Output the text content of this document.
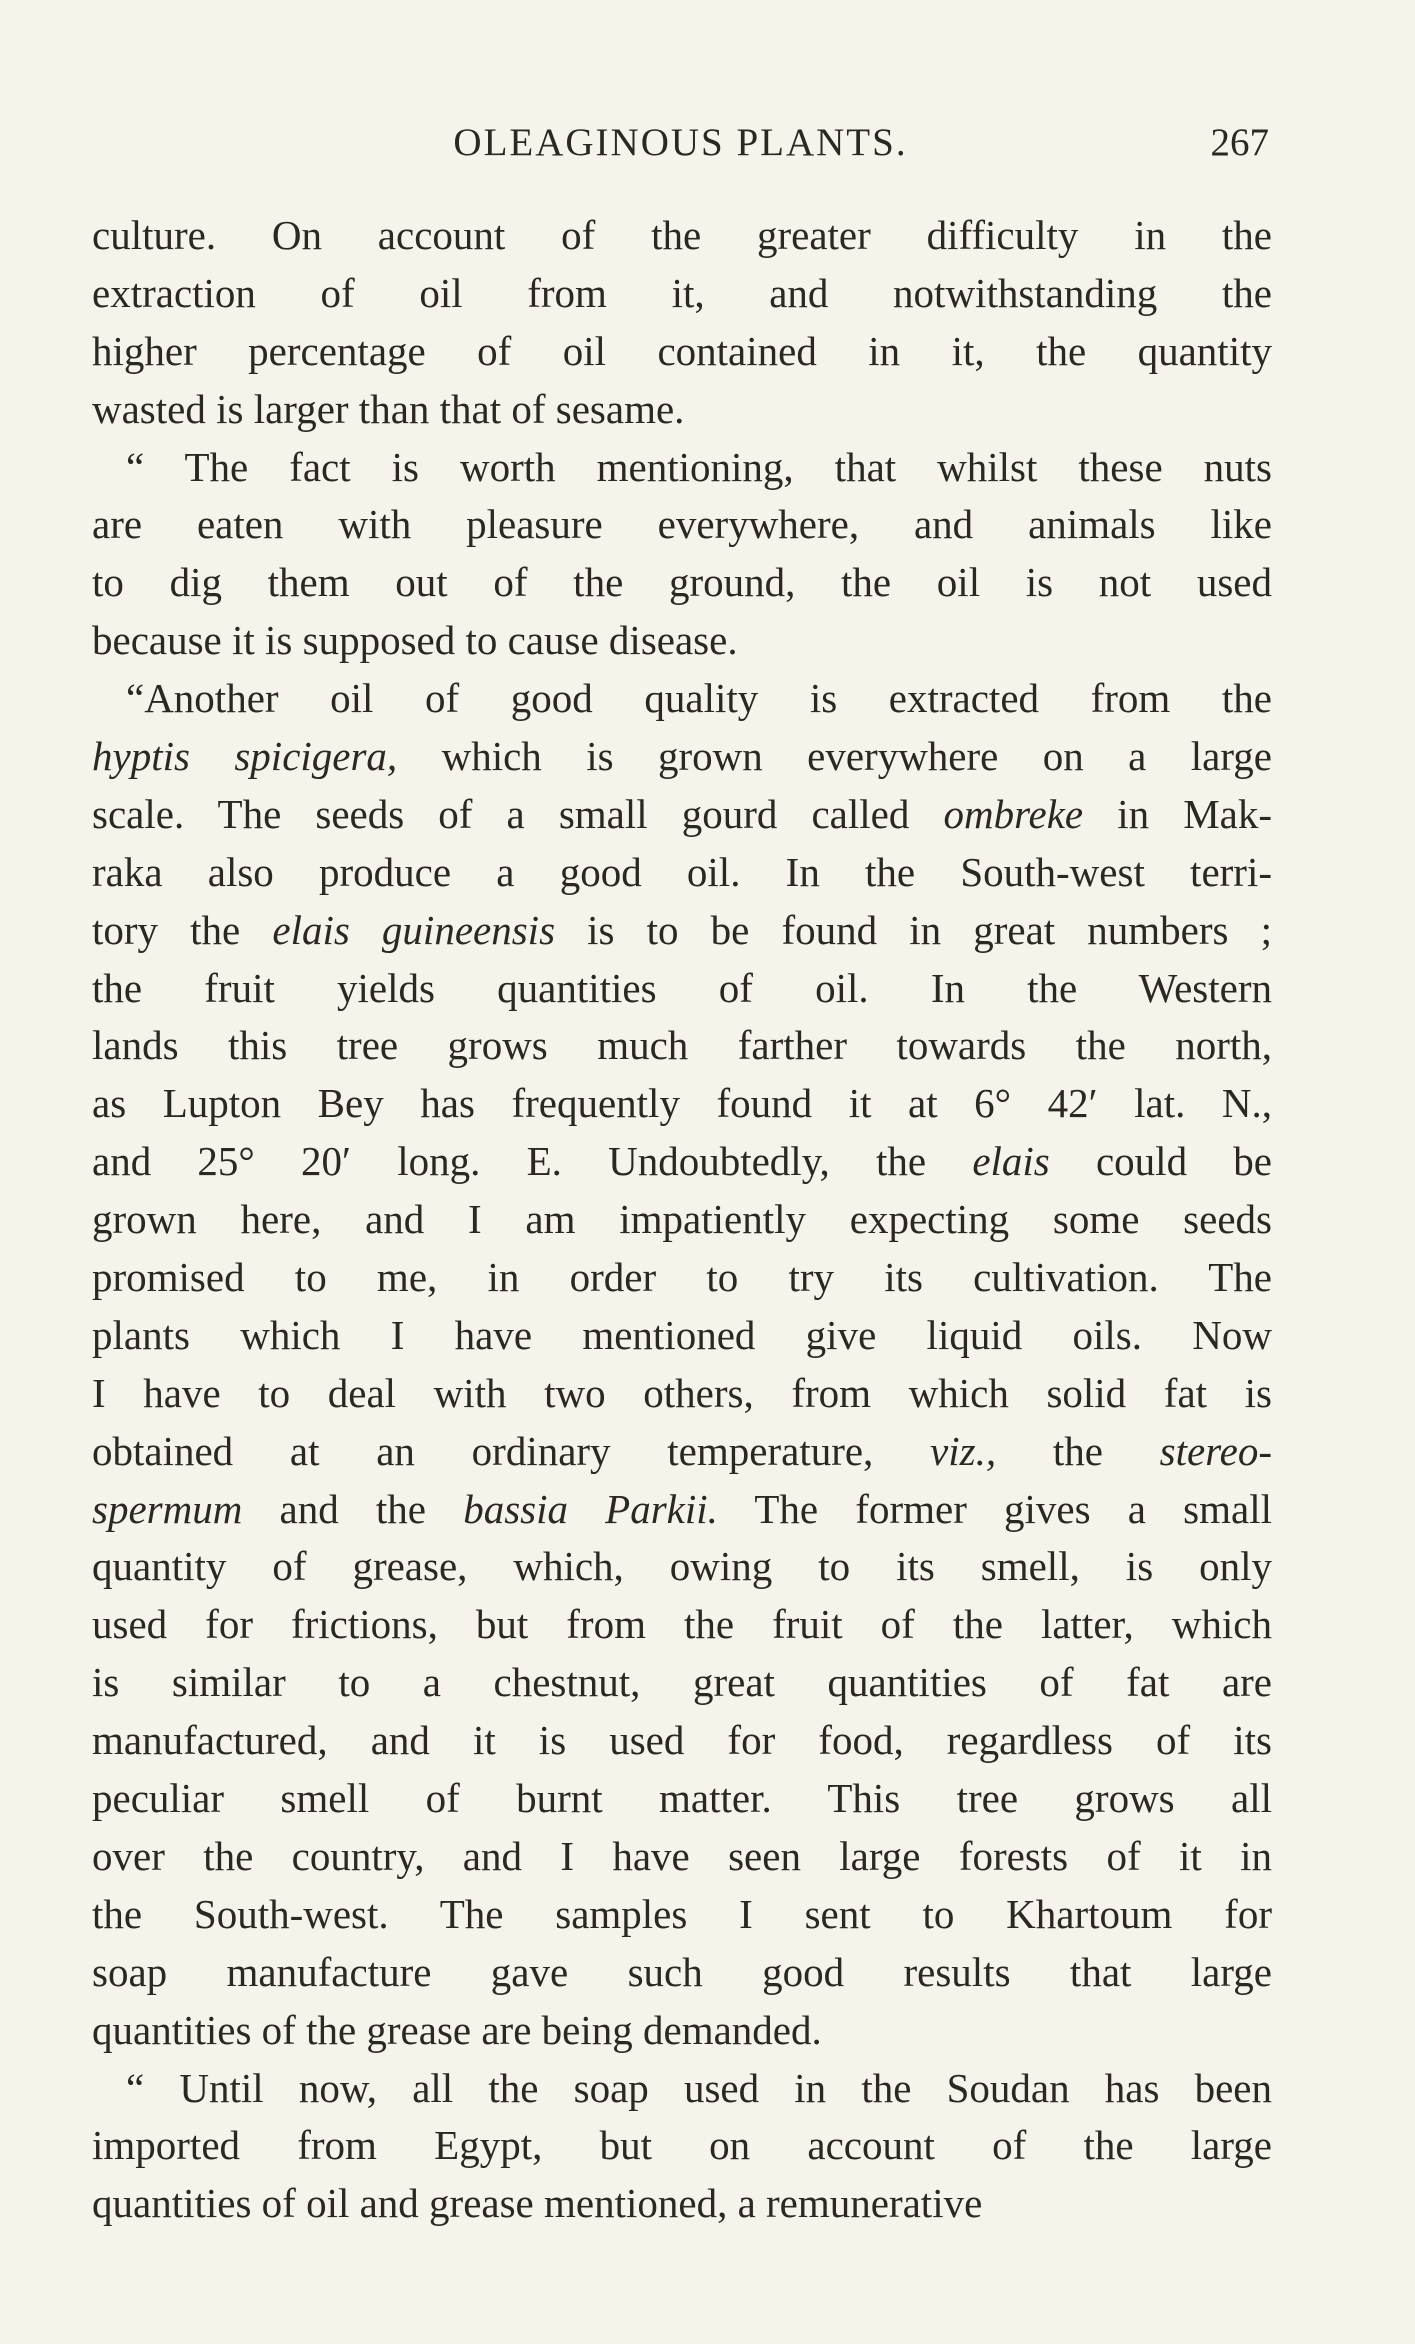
OLEAGINOUS PLANTS.	267
culture. On account of the greater difficulty in the
extraction of oil from it, and notwithstanding the
higher percentage of oil contained in it, the quantity
wasted is larger than that of sesame.
“ The fact is worth mentioning, that whilst these nuts
are eaten with pleasure everywhere, and animals like
to dig them out of the ground, the oil is not used
because it is supposed to cause disease.
“Another oil of good quality is extracted from the
hyptis spicigera, which is grown everywhere on a large
scale. The seeds of a small gourd called ombreke in Mak-
raka also produce a good oil. In the South-west terri-
tory the elais guineensis is to be found in great numbers ;
the fruit yields quantities of oil. In the Western
lands this tree grows much farther towards the north,
as Lupton Bey has frequently found it at 6° 42′ lat. N.,
and 25° 20′ long. E. Undoubtedly, the elais could be
grown here, and I am impatiently expecting some seeds
promised to me, in order to try its cultivation. The
plants which I have mentioned give liquid oils. Now
I have to deal with two others, from which solid fat is
obtained at an ordinary temperature, viz., the stereo-
spermum and the bassia Parkii. The former gives a small
quantity of grease, which, owing to its smell, is only
used for frictions, but from the fruit of the latter, which
is similar to a chestnut, great quantities of fat are
manufactured, and it is used for food, regardless of its
peculiar smell of burnt matter. This tree grows all
over the country, and I have seen large forests of it in
the South-west. The samples I sent to Khartoum for
soap manufacture gave such good results that large
quantities of the grease are being demanded.
“ Until now, all the soap used in the Soudan has been
imported from Egypt, but on account of the large
quantities of oil and grease mentioned, a remunerative
